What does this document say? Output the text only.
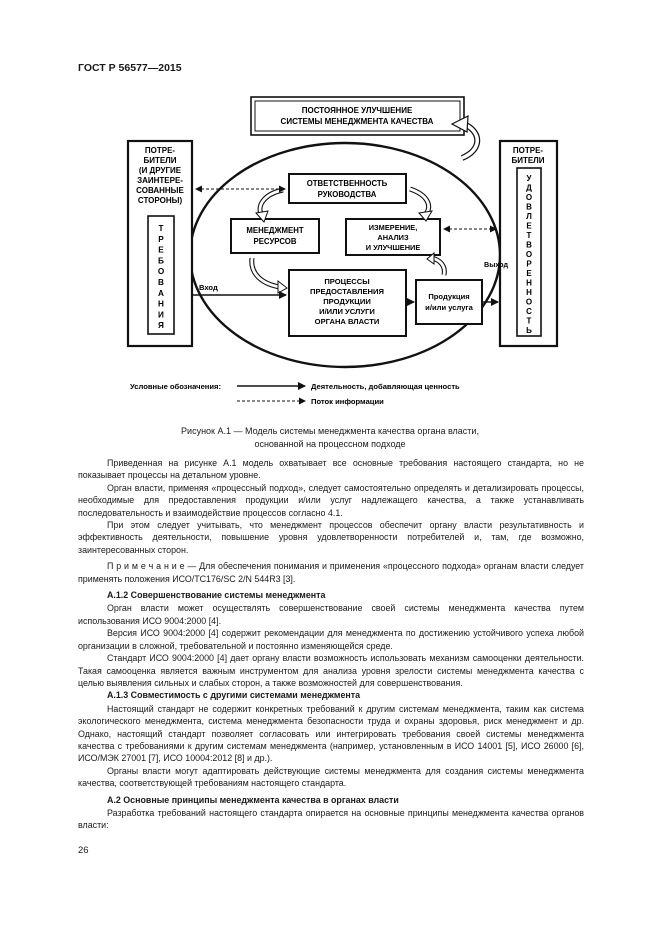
ГОСТ Р 56577—2015
ПОСТОЯННОЕ УЛУЧШЕНИЕ
СИСТЕМЫ МЕНЕДЖМЕНТА КАЧЕСТВА
ПОТРЕ-
БИТЕЛИ
(И ДРУГИЕ
ЗАИНТЕРЕ-
СОВАННЫЕ
СТОРОНЫ)
Т
Р
Е
Б
О
В
А
Н
И
Я
ПОТРЕ-
БИТЕЛИ
У
Д
О
В
Л
Е
Т
В
О
Р
Е
Н
Н
О
С
Т
Ь
ОТВЕТСТВЕННОСТЬ
РУКОВОДСТВА
МЕНЕДЖМЕНТ
РЕСУРСОВ
ИЗМЕРЕНИЕ,
АНАЛИЗ
И УЛУЧШЕНИЕ
ПРОЦЕССЫ
ПРЕДОСТАВЛЕНИЯ
ПРОДУКЦИИ
И/ИЛИ УСЛУГИ
ОРГАНА ВЛАСТИ
Продукция
и/или услуга
Вход
Выход
Условные обозначения:	Деятельность, добавляющая ценность
Поток информации
Рисунок А.1 — Модель системы менеджмента качества органа власти,
основанной на процессном подходе

Приведенная на рисунке А.1 модель охватывает все основные требования настоящего стандарта, но не показывает процессы на детальном уровне.

Орган власти, применяя «процессный подход», следует самостоятельно определять и детализировать процессы, необходимые для предоставления продукции и/или услуг надлежащего качества, а также устанавливать последовательность и взаимодействие процессов согласно 4.1.

При этом следует учитывать, что менеджмент процессов обеспечит органу власти результативность и эффективность деятельности, повышение уровня удовлетворенности потребителей и, там, где возможно, заинтересованных сторон.

П р и м е ч а н и е — Для обеспечения понимания и применения «процессного подхода» органам власти следует применять положения ИСО/TC176/SC 2/N 544R3 [3].

А.1.2 Совершенствование системы менеджмента

Орган власти может осуществлять совершенствование своей системы менеджмента качества путем использования ИСО 9004:2000 [4].

Версия ИСО 9004:2000 [4] содержит рекомендации для менеджмента по достижению устойчивого успеха любой организации в сложной, требовательной и постоянно изменяющейся среде.

Стандарт ИСО 9004:2000 [4] дает органу власти возможность использовать механизм самооценки деятельности. Такая самооценка является важным инструментом для анализа уровня зрелости системы менеджмента качества с целью выявления сильных и слабых сторон, а также возможностей для совершенствования.

А.1.3 Совместимость с другими системами менеджмента

Настоящий стандарт не содержит конкретных требований к другим системам менеджмента, таким как система экологического менеджмента, система менеджмента безопасности труда и охраны здоровья, риск менеджмент и др. Однако, настоящий стандарт позволяет согласовать или интегрировать требования своей системы менеджмента качества с требованиями к другим системам менеджмента (например, установленным в ИСО 14001 [5], ИСО 26000 [6], ИСО/МЭК 27001 [7], ИСО 10004:2012 [8] и др.).

Органы власти могут адаптировать действующие системы менеджмента для создания системы менеджмента качества, соответствующей требованиям настоящего стандарта.

А.2 Основные принципы менеджмента качества в органах власти

Разработка требований настоящего стандарта опирается на основные принципы менеджмента качества органов власти:

26
